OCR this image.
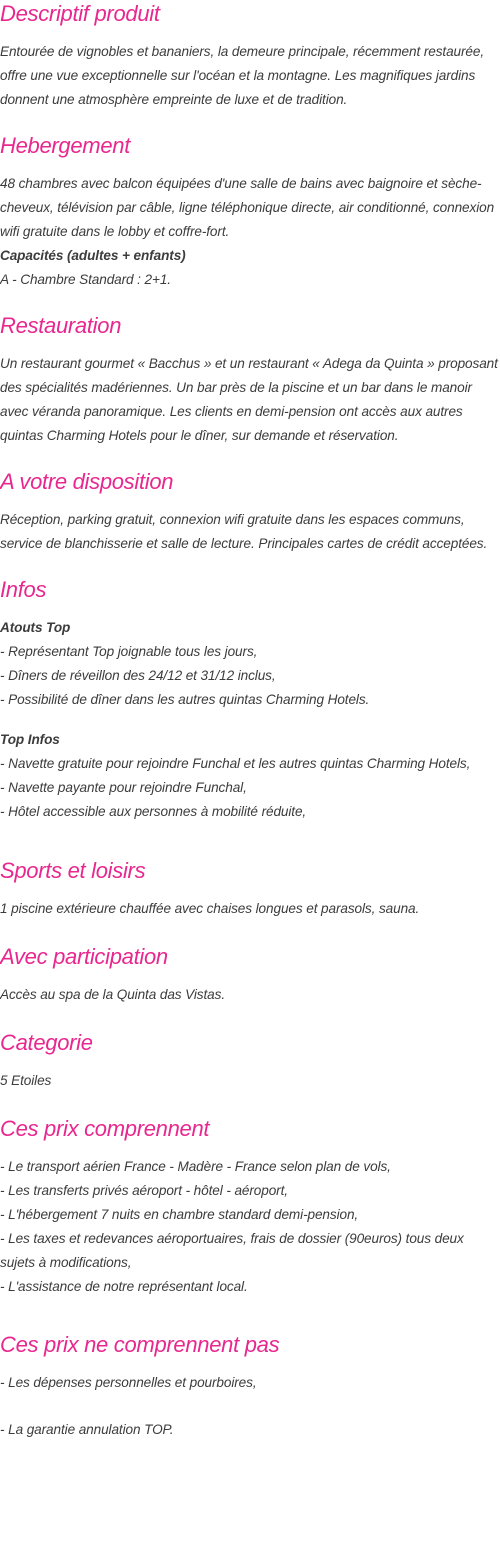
Descriptif produit

Entourée de vignobles et bananiers, la demeure principale, récemment restaurée, offre une vue exceptionnelle sur l'océan et la montagne. Les magnifiques jardins donnent une atmosphère empreinte de luxe et de tradition.

Hebergement

48 chambres avec balcon équipées d'une salle de bains avec baignoire et sèche-cheveux, télévision par câble, ligne téléphonique directe, air conditionné, connexion wifi gratuite dans le lobby et coffre-fort.

Capacités (adultes + enfants)
A - Chambre Standard : 2+1.
Restauration

Un restaurant gourmet « Bacchus » et un restaurant « Adega da Quinta » proposant des spécialités madériennes. Un bar près de la piscine et un bar dans le manoir avec véranda panoramique. Les clients en demi-pension ont accès aux autres quintas Charming Hotels pour le dîner, sur demande et réservation.

A votre disposition

Réception, parking gratuit, connexion wifi gratuite dans les espaces communs, service de blanchisserie et salle de lecture. Principales cartes de crédit acceptées.

Infos
Atouts Top
- Représentant Top joignable tous les jours,
- Dîners de réveillon des 24/12 et 31/12 inclus,
- Possibilité de dîner dans les autres quintas Charming Hotels.
Top Infos
- Navette gratuite pour rejoindre Funchal et les autres quintas Charming Hotels,
- Navette payante pour rejoindre Funchal,
- Hôtel accessible aux personnes à mobilité réduite,
Sports et loisirs

1 piscine extérieure chauffée avec chaises longues et parasols, sauna.

Avec participation

Accès au spa de la Quinta das Vistas.

Categorie

5 Etoiles

Ces prix comprennent
- Le transport aérien France - Madère - France selon plan de vols,
- Les transferts privés aéroport - hôtel - aéroport,
- L'hébergement 7 nuits en chambre standard demi-pension,
- Les taxes et redevances aéroportuaires, frais de dossier (90euros) tous deux sujets à modifications,
- L'assistance de notre représentant local.
Ces prix ne comprennent pas
- Les dépenses personnelles et pourboires,
- La garantie annulation TOP.
